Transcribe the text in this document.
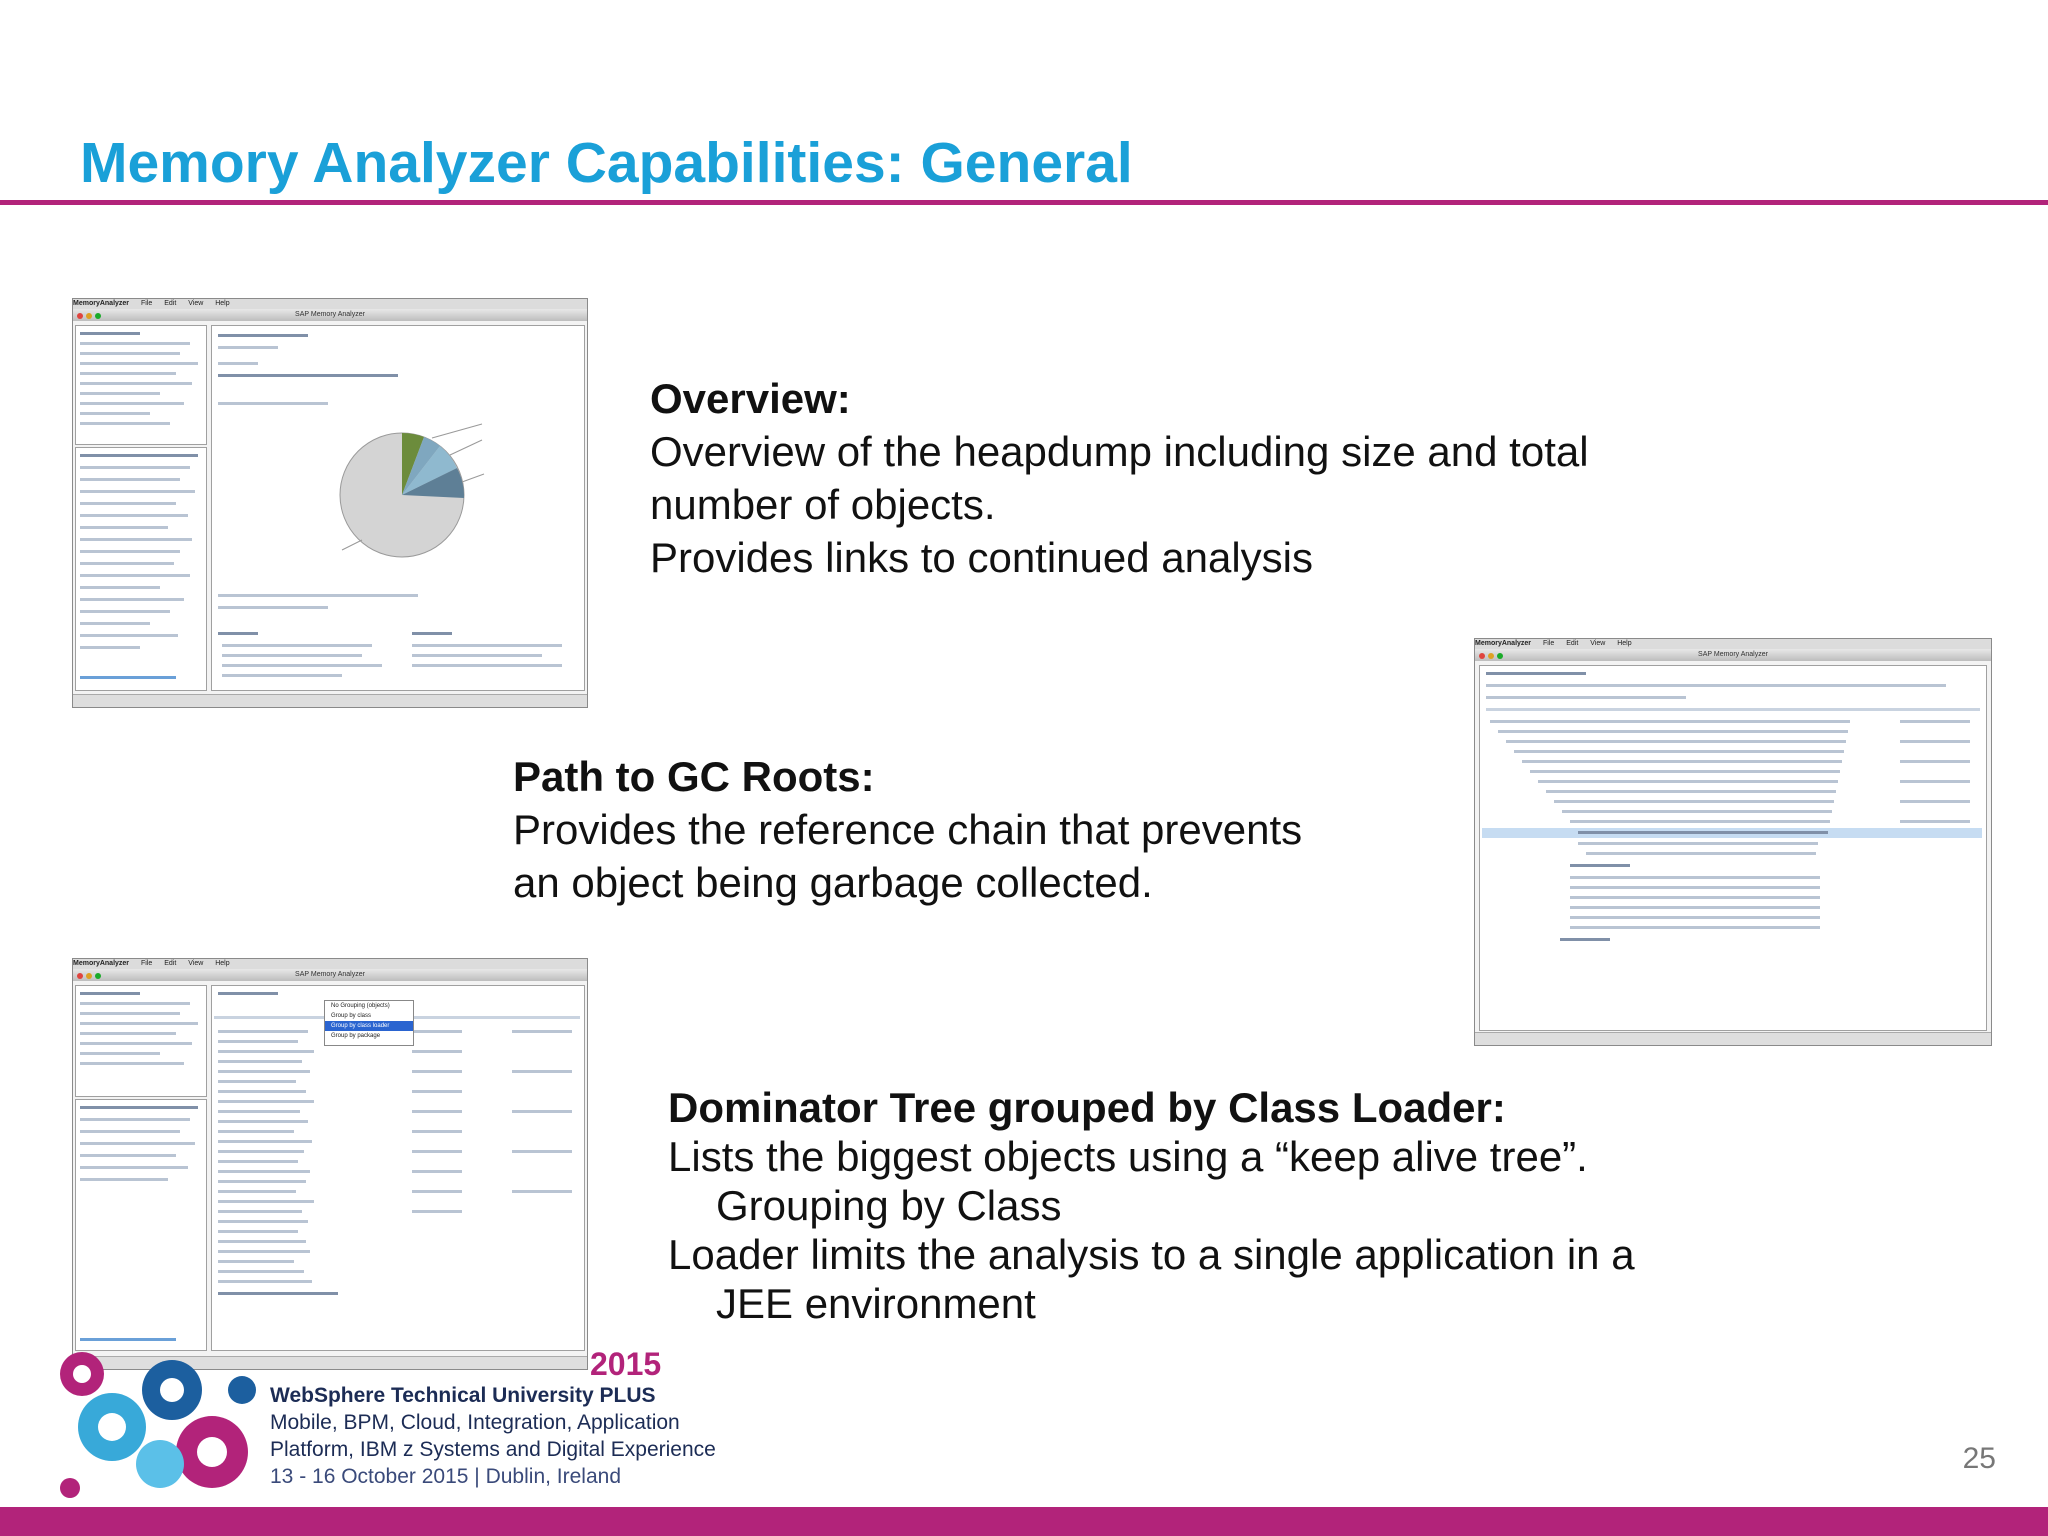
Memory Analyzer Capabilities: General
MemoryAnalyzer File Edit View Help
SAP Memory Analyzer
Overview:
Overview of the heapdump including size and total
number of objects.
Provides links to continued analysis
MemoryAnalyzer File Edit View Help
SAP Memory Analyzer
Path to GC Roots:
Provides the reference chain that prevents
an object being garbage collected.
MemoryAnalyzer File Edit View Help
SAP Memory Analyzer
No Grouping (objects)
Group by class
Group by class loader
Group by package
Dominator Tree grouped by Class Loader:
Lists the biggest objects using a “keep alive tree”.
Grouping by Class
Loader limits the analysis to a single application in a
JEE environment
2015
WebSphere Technical University PLUS
Mobile, BPM, Cloud, Integration, Application
Platform, IBM z Systems and Digital Experience
13 - 16 October 2015 | Dublin, Ireland
25
